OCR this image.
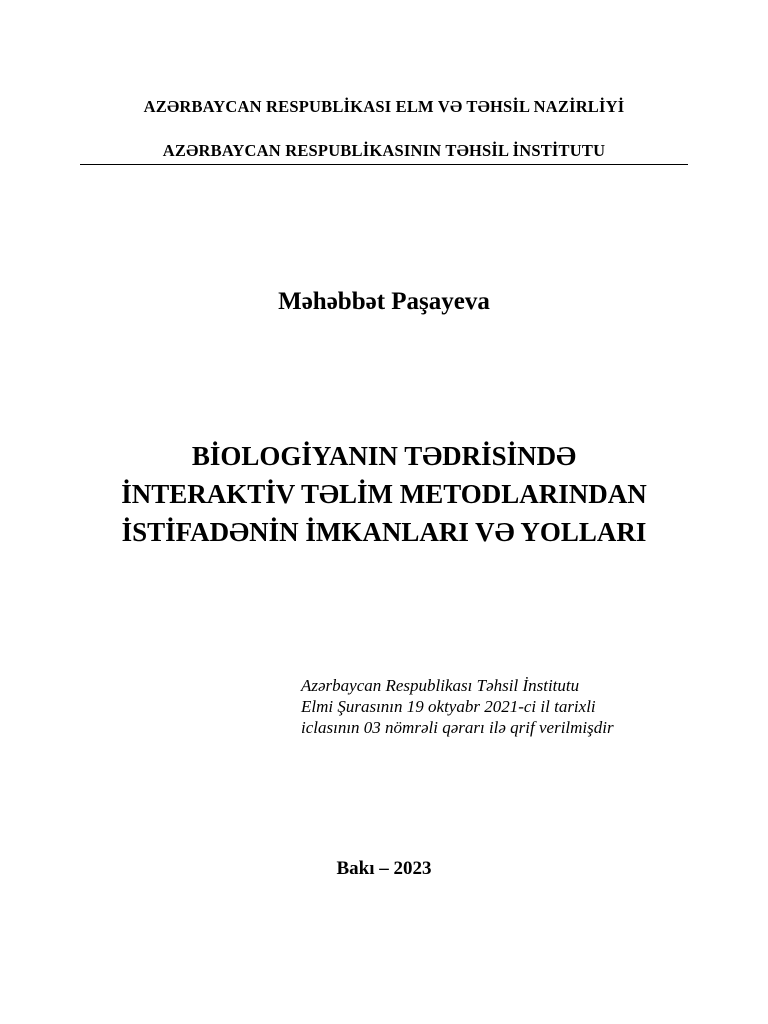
AZƏRBAYCAN RESPUBLİKASI ELM VƏ TƏHSİL NAZİRLİYİ
AZƏRBAYCAN RESPUBLİKASININ TƏHSİL İNSTİTUTU
Məhəbbət Paşayeva
BİOLOGİYANIN TƏDRİSİNDƏ
İNTERAKTİV TƏLİM METODLARINDAN
İSTİFADƏNİN İMKANLARI VƏ YOLLARI
Azərbaycan Respublikası Təhsil İnstitutu
Elmi Şurasının 19 oktyabr 2021-ci il tarixli
iclasının 03 nömrəli qərarı ilə qrif verilmişdir
Bakı – 2023
